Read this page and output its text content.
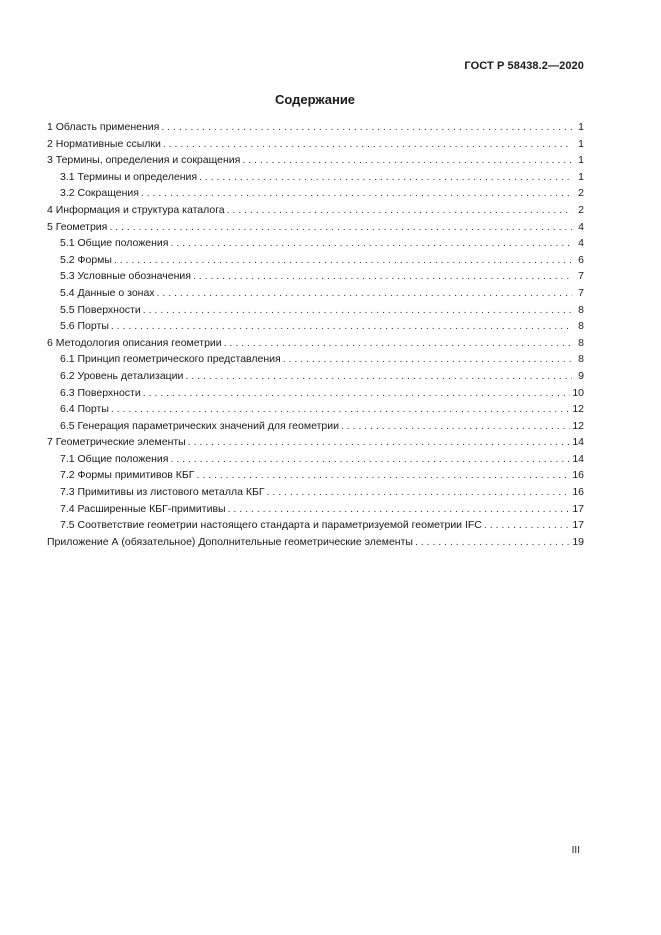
ГОСТ Р 58438.2—2020
Содержание
1 Область применения . . .	1
2 Нормативные ссылки . . .	1
3 Термины, определения и сокращения . . .	1
3.1 Термины и определения . . .	1
3.2 Сокращения . . .	2
4 Информация и структура каталога . . .	2
5 Геометрия . . .	4
5.1 Общие положения . . .	4
5.2 Формы . . .	6
5.3 Условные обозначения . . .	7
5.4 Данные о зонах . . .	7
5.5 Поверхности . . .	8
5.6 Порты . . .	8
6 Методология описания геометрии . . .	8
6.1 Принцип геометрического представления . . .	8
6.2 Уровень детализации . . .	9
6.3 Поверхности . . .	10
6.4 Порты . . .	12
6.5 Генерация параметрических значений для геометрии . . .	12
7 Геометрические элементы . . .	14
7.1 Общие положения . . .	14
7.2 Формы примитивов КБГ . . .	16
7.3 Примитивы из листового металла КБГ . . .	16
7.4 Расширенные КБГ-примитивы . . .	17
7.5 Соответствие геометрии настоящего стандарта и параметризуемой геометрии IFC . . .	17
Приложение А (обязательное) Дополнительные геометрические элементы . . .	19
III
